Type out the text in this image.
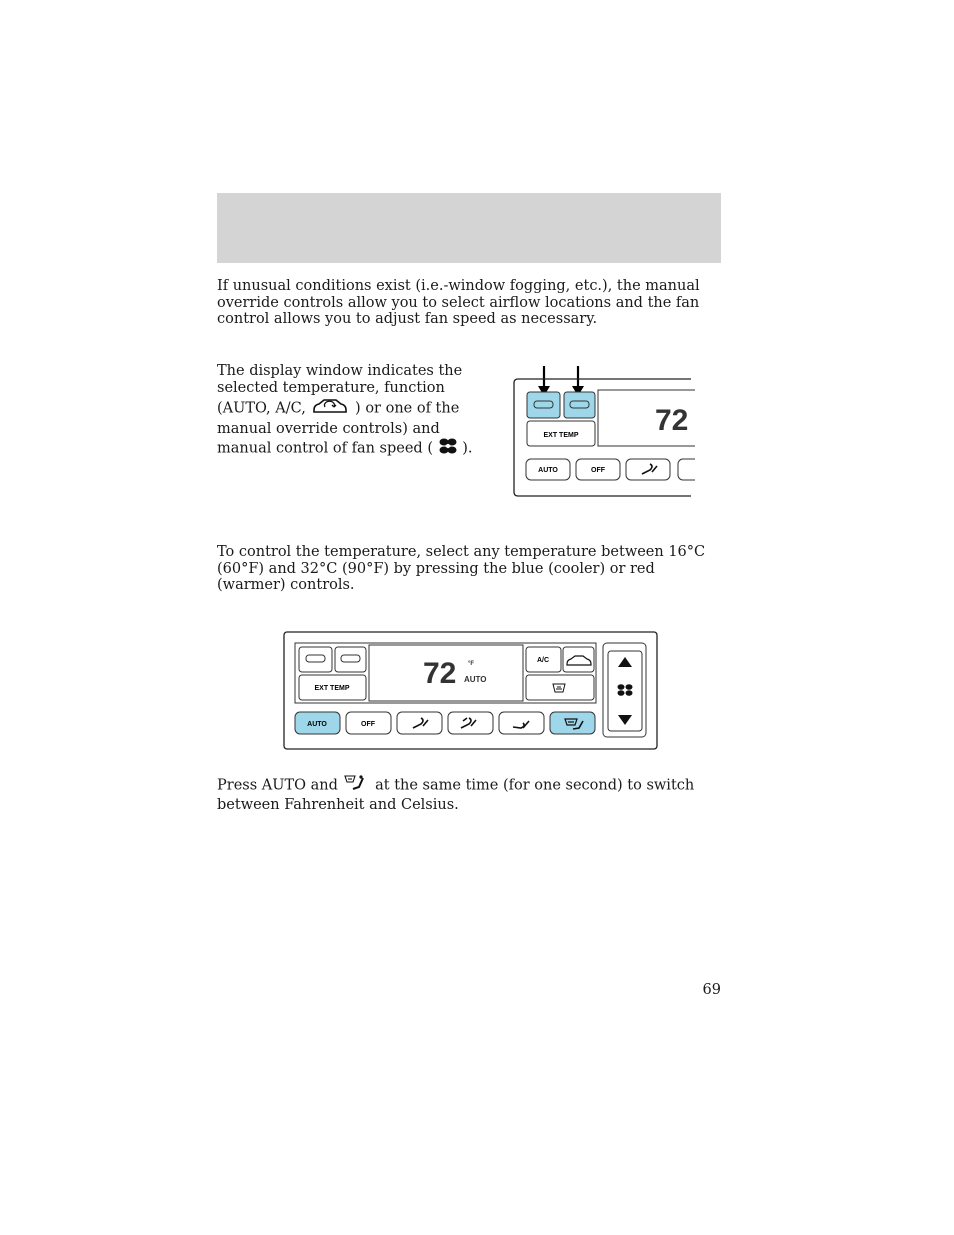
If unusual conditions exist (i.e.-window fogging, etc.), the manual override controls allow you to select airflow locations and the fan control allows you to adjust fan speed as necessary.

The display window indicates the selected temperature, function (AUTO, A/C,	) or one of the manual override controls) and manual control of fan speed ( ).

EXT TEMP	72
AUTO	OFF

To control the temperature, select any temperature between 16°C (60°F) and 32°C (90°F) by pressing the blue (cooler) or red (warmer) controls.

EXT TEMP 72 °F
AUTO
A/C
AUTO	OFF

Press AUTO and	at the same time (for one second) to switch between Fahrenheit and Celsius.

69
